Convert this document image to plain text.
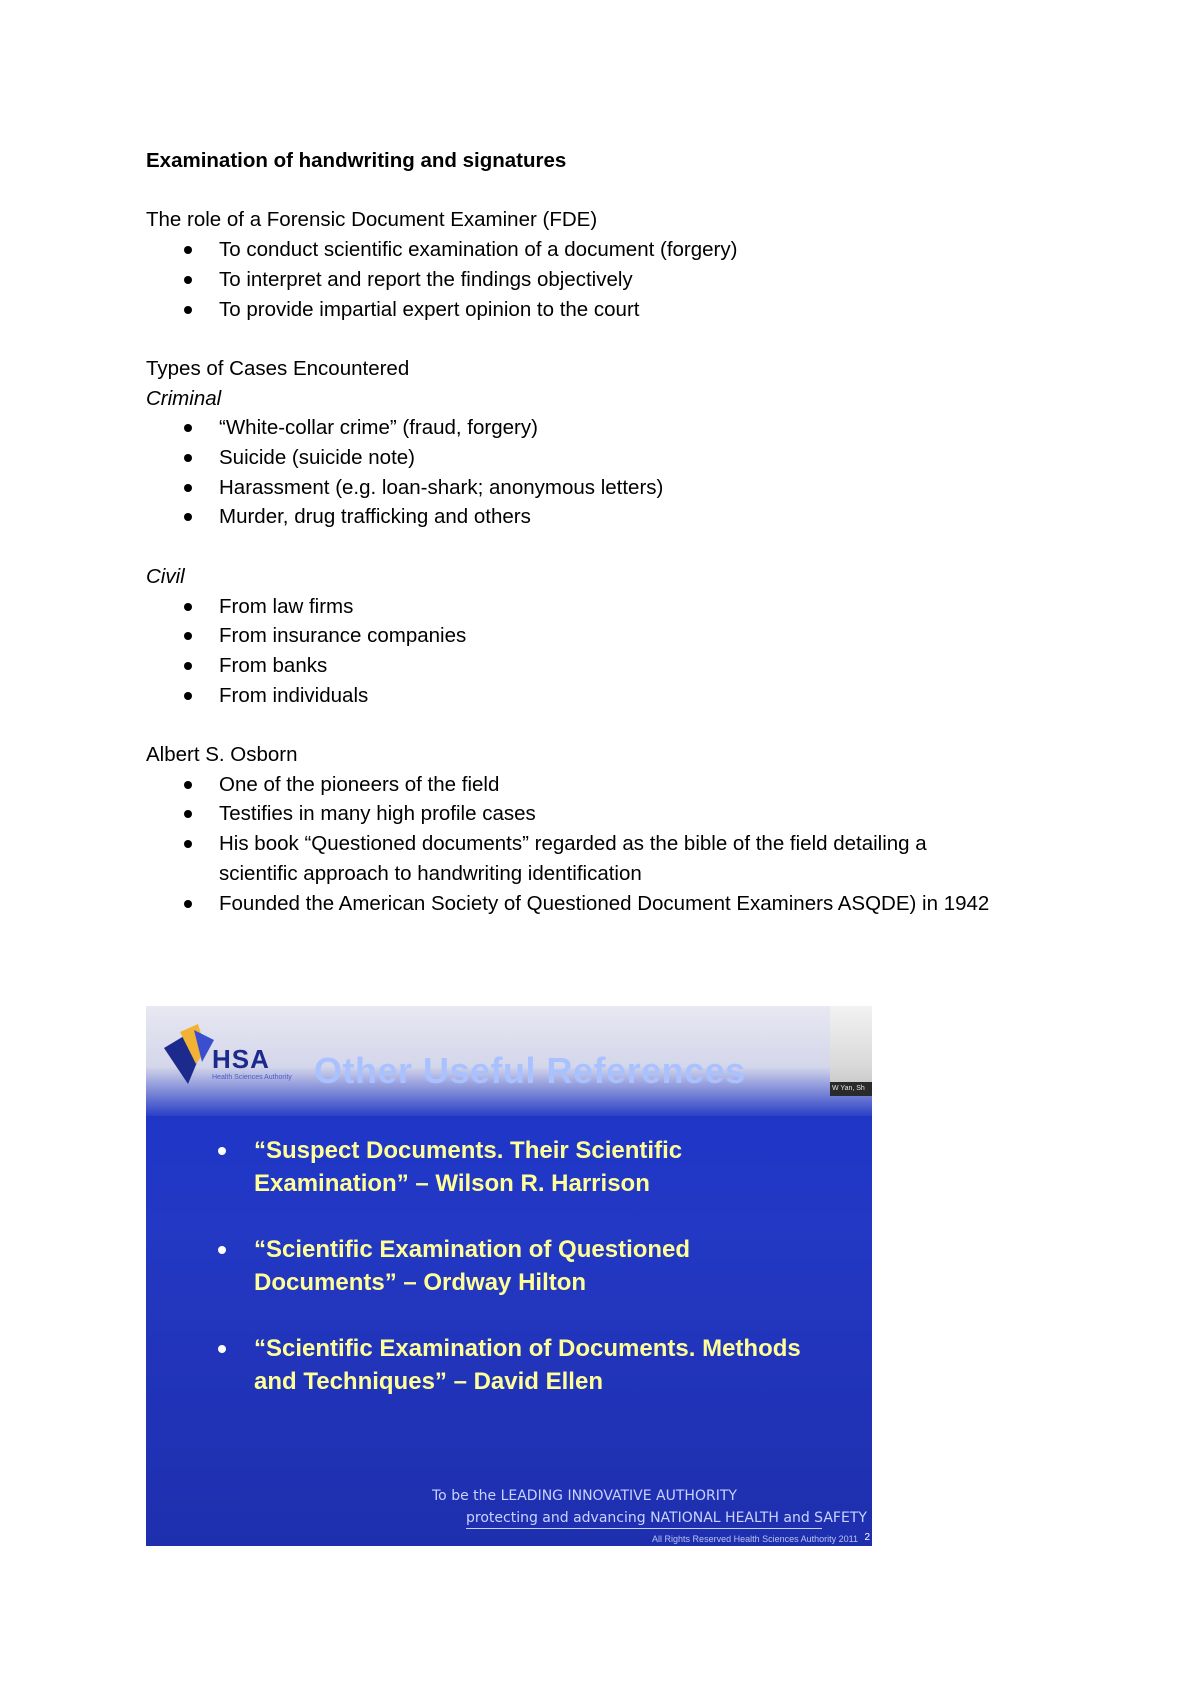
Examination of handwriting and signatures

The role of a Forensic Document Examiner (FDE)

To conduct scientific examination of a document (forgery)
To interpret and report the findings objectively
To provide impartial expert opinion to the court

Types of Cases Encountered

Criminal

“White-collar crime” (fraud, forgery)
Suicide (suicide note)
Harassment (e.g. loan-shark; anonymous letters)
Murder, drug trafficking and others

Civil

From law firms
From insurance companies
From banks
From individuals

Albert S. Osborn

One of the pioneers of the field
Testifies in many high profile cases
His book “Questioned documents” regarded as the bible of the field detailing a scientific approach to handwriting identification
Founded the American Society of Questioned Document Examiners ASQDE) in 1942
HSA
Health Sciences Authority Other Useful References	W Yan, Sh
“Suspect Documents. Their Scientific Examination” – Wilson R. Harrison
“Scientific Examination of Questioned Documents” – Ordway Hilton
“Scientific Examination of Documents. Methods and Techniques” – David Ellen
To be the LEADING INNOVATIVE AUTHORITY
protecting and advancing NATIONAL HEALTH and SAFETY
All Rights Reserved Health Sciences Authority 2011 2
